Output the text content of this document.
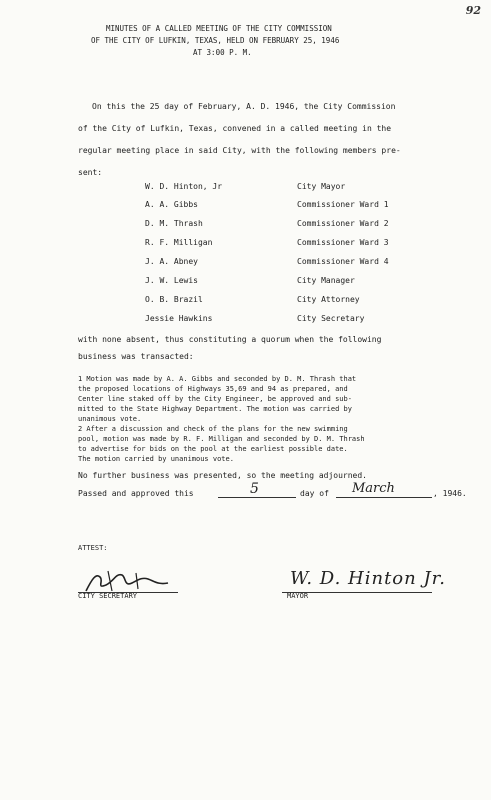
92
MINUTES OF A CALLED MEETING OF THE CITY COMMISSION
OF THE CITY OF LUFKIN, TEXAS, HELD ON FEBRUARY 25, 1946
AT 3:00 P. M.
On this the 25 day of February, A. D. 1946, the City Commission
of the City of Lufkin, Texas, convened in a called meeting in the
regular meeting place in said City, with the following members pre-
sent:
W. D. Hinton, Jr	City Mayor
A. A. Gibbs	Commissioner Ward 1
D. M. Thrash	Commissioner Ward 2
R. F. Milligan	Commissioner Ward 3
J. A. Abney	Commissioner Ward 4
J. W. Lewis	City Manager
O. B. Brazil	City Attorney
Jessie Hawkins	City Secretary
with none absent, thus constituting a quorum when the following
business was transacted:
1 Motion was made by A. A. Gibbs and seconded by D. M. Thrash that
the proposed locations of Highways 35,69 and 94 as prepared, and
Center line staked off by the City Engineer, be approved and sub-
mitted to the State Highway Department. The motion was carried by
unanimous vote.
2 After a discussion and check of the plans for the new swimming
pool, motion was made by R. F. Milligan and seconded by D. M. Thrash
to advertise for bids on the pool at the earliest possible date.
The motion carried by unanimous vote.
No further business was presented, so the meeting adjourned.
Passed and approved this	5	day of March	, 1946.
ATTEST:
CITY SECRETARY
W. D. Hinton Jr.
MAYOR
